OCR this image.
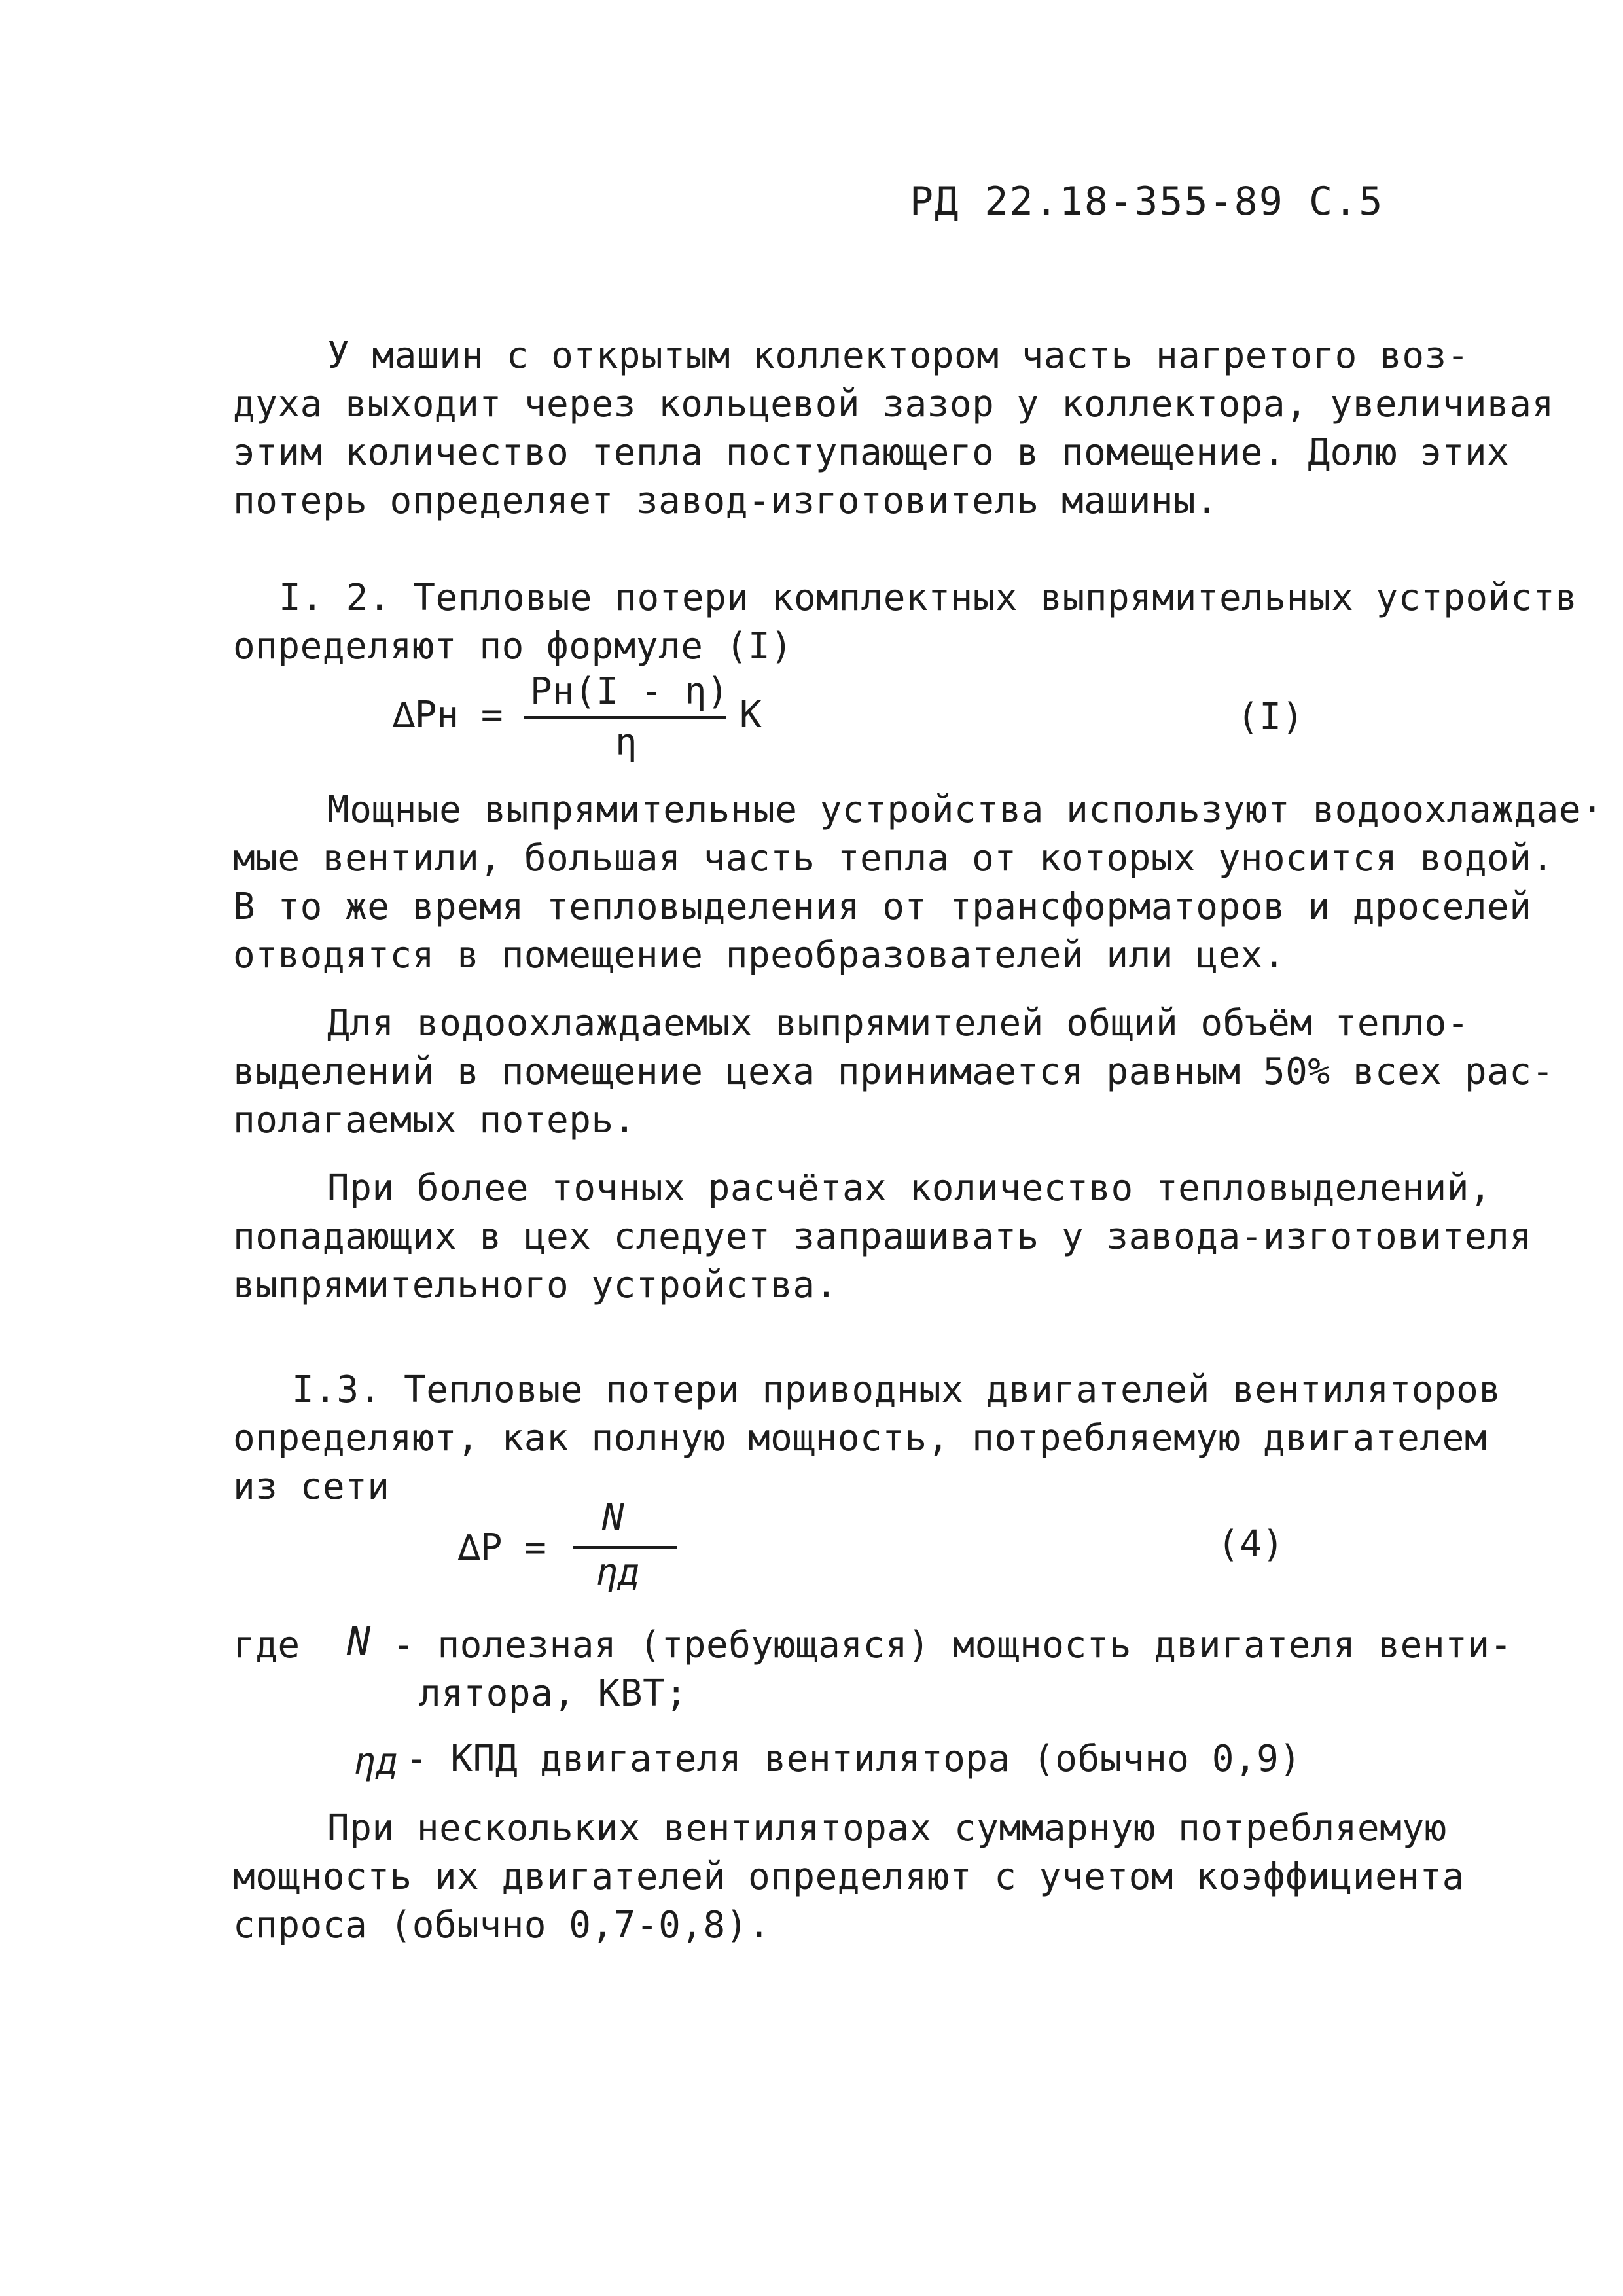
РД 22.18-355-89 С.5
У машин с открытым коллектором часть нагретого воз-
духа выходит через кольцевой зазор у коллектора, увеличивая
этим количество тепла поступающего в помещение. Долю этих
потерь определяет завод-изготовитель машины.
I. 2. Тепловые потери комплектных выпрямительных устройств
определяют по формуле (I)
∆Pн =
Pн(I - η)
η
К	(I)
Мощные выпрямительные устройства используют водоохлаждае·
мые вентили, большая часть тепла от которых уносится водой.
В то же время тепловыделения от трансформаторов и дроселей
отводятся в помещение преобразователей или цех.
Для водоохлаждаемых выпрямителей общий объём тепло-
выделений в помещение цеха принимается равным 50% всех рас-
полагаемых потерь.
При более точных расчётах количество тепловыделений,
попадающих в цех следует запрашивать у завода-изготовителя
выпрямительного устройства.
I.3. Тепловые потери приводных двигателей вентиляторов
определяют, как полную мощность, потребляемую двигателем
из сети
∆P =
N
ηд
(4)
где N - полезная (требующаяся) мощность двигателя венти-
лятора, КВТ;
ηд - КПД двигателя вентилятора (обычно 0,9)
При нескольких вентиляторах суммарную потребляемую
мощность их двигателей определяют с учетом коэффициента
спроса (обычно 0,7-0,8).
